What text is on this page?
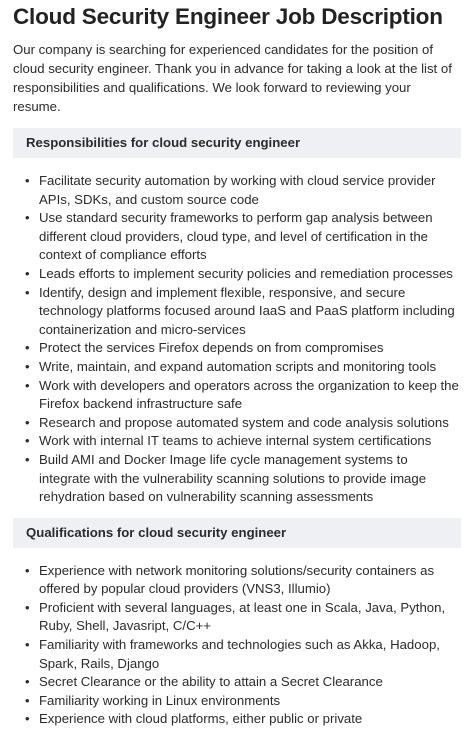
Cloud Security Engineer Job Description

Our company is searching for experienced candidates for the position of cloud security engineer. Thank you in advance for taking a look at the list of responsibilities and qualifications. We look forward to reviewing your resume.

Responsibilities for cloud security engineer
• Facilitate security automation by working with cloud service provider APIs, SDKs, and custom source code
• Use standard security frameworks to perform gap analysis between different cloud providers, cloud type, and level of certification in the context of compliance efforts
• Leads efforts to implement security policies and remediation processes
• Identify, design and implement flexible, responsive, and secure technology platforms focused around IaaS and PaaS platform including containerization and micro-services
• Protect the services Firefox depends on from compromises
• Write, maintain, and expand automation scripts and monitoring tools
• Work with developers and operators across the organization to keep the Firefox backend infrastructure safe
• Research and propose automated system and code analysis solutions
• Work with internal IT teams to achieve internal system certifications
• Build AMI and Docker Image life cycle management systems to integrate with the vulnerability scanning solutions to provide image rehydration based on vulnerability scanning assessments
Qualifications for cloud security engineer
• Experience with network monitoring solutions/security containers as offered by popular cloud providers (VNS3, Illumio)
• Proficient with several languages, at least one in Scala, Java, Python, Ruby, Shell, Javasript, C/C++
• Familiarity with frameworks and technologies such as Akka, Hadoop, Spark, Rails, Django
• Secret Clearance or the ability to attain a Secret Clearance
• Familiarity working in Linux environments
• Experience with cloud platforms, either public or private
